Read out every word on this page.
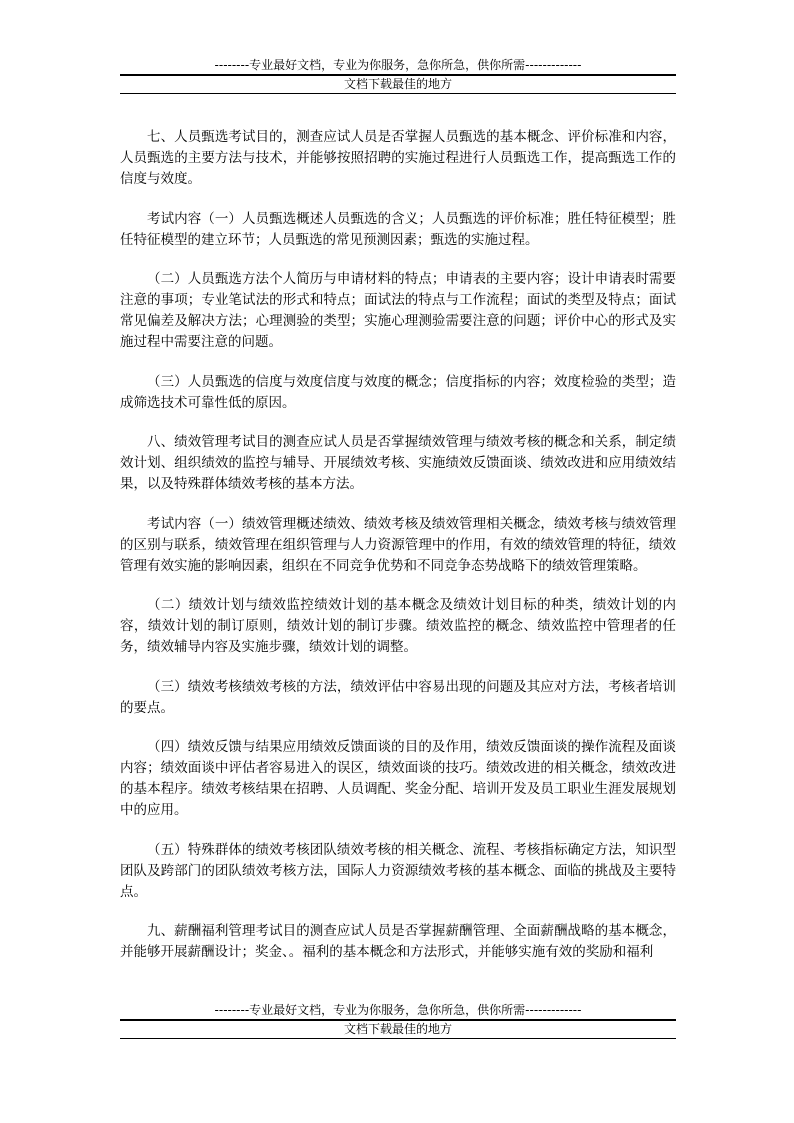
--------专业最好文档，专业为你服务，急你所急，供你所需-------------
文档下载最佳的地方

七、人员甄选考试目的，测查应试人员是否掌握人员甄选的基本概念、评价标准和内容，人员甄选的主要方法与技术，并能够按照招聘的实施过程进行人员甄选工作，提高甄选工作的信度与效度。

考试内容（一）人员甄选概述人员甄选的含义；人员甄选的评价标准；胜任特征模型；胜任特征模型的建立环节；人员甄选的常见预测因素；甄选的实施过程。

（二）人员甄选方法个人简历与申请材料的特点；申请表的主要内容；设计申请表时需要注意的事项；专业笔试法的形式和特点；面试法的特点与工作流程；面试的类型及特点；面试常见偏差及解决方法；心理测验的类型；实施心理测验需要注意的问题；评价中心的形式及实施过程中需要注意的问题。

（三）人员甄选的信度与效度信度与效度的概念；信度指标的内容；效度检验的类型；造成筛选技术可靠性低的原因。

八、绩效管理考试目的测查应试人员是否掌握绩效管理与绩效考核的概念和关系，制定绩效计划、组织绩效的监控与辅导、开展绩效考核、实施绩效反馈面谈、绩效改进和应用绩效结果，以及特殊群体绩效考核的基本方法。

考试内容（一）绩效管理概述绩效、绩效考核及绩效管理相关概念，绩效考核与绩效管理的区别与联系，绩效管理在组织管理与人力资源管理中的作用，有效的绩效管理的特征，绩效管理有效实施的影响因素，组织在不同竞争优势和不同竞争态势战略下的绩效管理策略。

（二）绩效计划与绩效监控绩效计划的基本概念及绩效计划目标的种类，绩效计划的内容，绩效计划的制订原则，绩效计划的制订步骤。绩效监控的概念、绩效监控中管理者的任务，绩效辅导内容及实施步骤，绩效计划的调整。

（三）绩效考核绩效考核的方法，绩效评估中容易出现的问题及其应对方法，考核者培训的要点。

（四）绩效反馈与结果应用绩效反馈面谈的目的及作用，绩效反馈面谈的操作流程及面谈内容；绩效面谈中评估者容易进入的误区，绩效面谈的技巧。绩效改进的相关概念，绩效改进的基本程序。绩效考核结果在招聘、人员调配、奖金分配、培训开发及员工职业生涯发展规划中的应用。

（五）特殊群体的绩效考核团队绩效考核的相关概念、流程、考核指标确定方法，知识型团队及跨部门的团队绩效考核方法，国际人力资源绩效考核的基本概念、面临的挑战及主要特点。

九、薪酬福利管理考试目的测查应试人员是否掌握薪酬管理、全面薪酬战略的基本概念，并能够开展薪酬设计；奖金、。福利的基本概念和方法形式，并能够实施有效的奖励和福利

--------专业最好文档，专业为你服务，急你所急，供你所需-------------
文档下载最佳的地方
